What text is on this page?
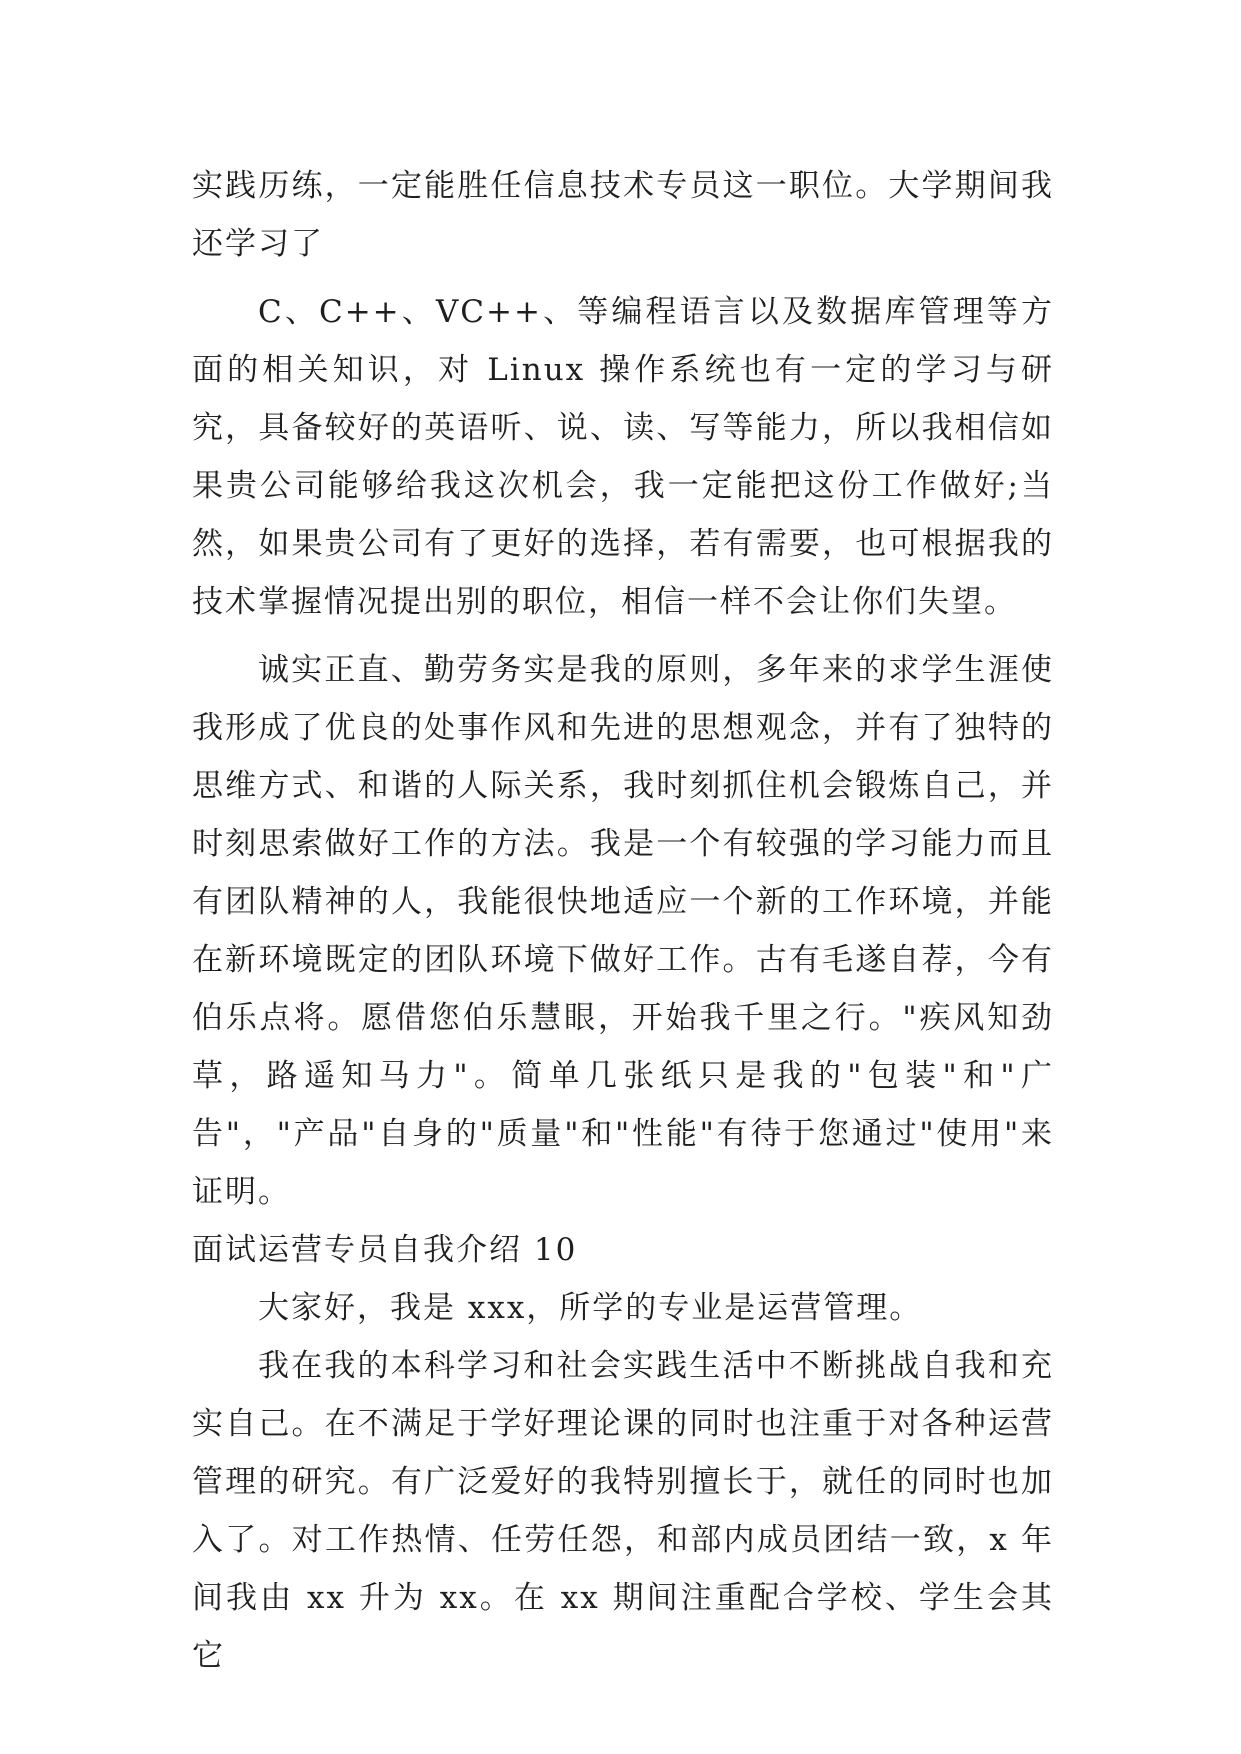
实践历练，一定能胜任信息技术专员这一职位。大学期间我还学习了

C、C++、VC++、等编程语言以及数据库管理等方面的相关知识，对 Linux 操作系统也有一定的学习与研究，具备较好的英语听、说、读、写等能力，所以我相信如果贵公司能够给我这次机会，我一定能把这份工作做好;当然，如果贵公司有了更好的选择，若有需要，也可根据我的技术掌握情况提出别的职位，相信一样不会让你们失望。

诚实正直、勤劳务实是我的原则，多年来的求学生涯使我形成了优良的处事作风和先进的思想观念，并有了独特的思维方式、和谐的人际关系，我时刻抓住机会锻炼自己，并时刻思索做好工作的方法。我是一个有较强的学习能力而且有团队精神的人，我能很快地适应一个新的工作环境，并能在新环境既定的团队环境下做好工作。古有毛遂自荐，今有伯乐点将。愿借您伯乐慧眼，开始我千里之行。"疾风知劲草，路遥知马力"。简单几张纸只是我的"包装"和"广告"，"产品"自身的"质量"和"性能"有待于您通过"使用"来证明。

面试运营专员自我介绍 10

大家好，我是 xxx，所学的专业是运营管理。

我在我的本科学习和社会实践生活中不断挑战自我和充实自己。在不满足于学好理论课的同时也注重于对各种运营管理的研究。有广泛爱好的我特别擅长于，就任的同时也加入了。对工作热情、任劳任怨，和部内成员团结一致，x 年间我由 xx 升为 xx。在 xx 期间注重配合学校、学生会其它
